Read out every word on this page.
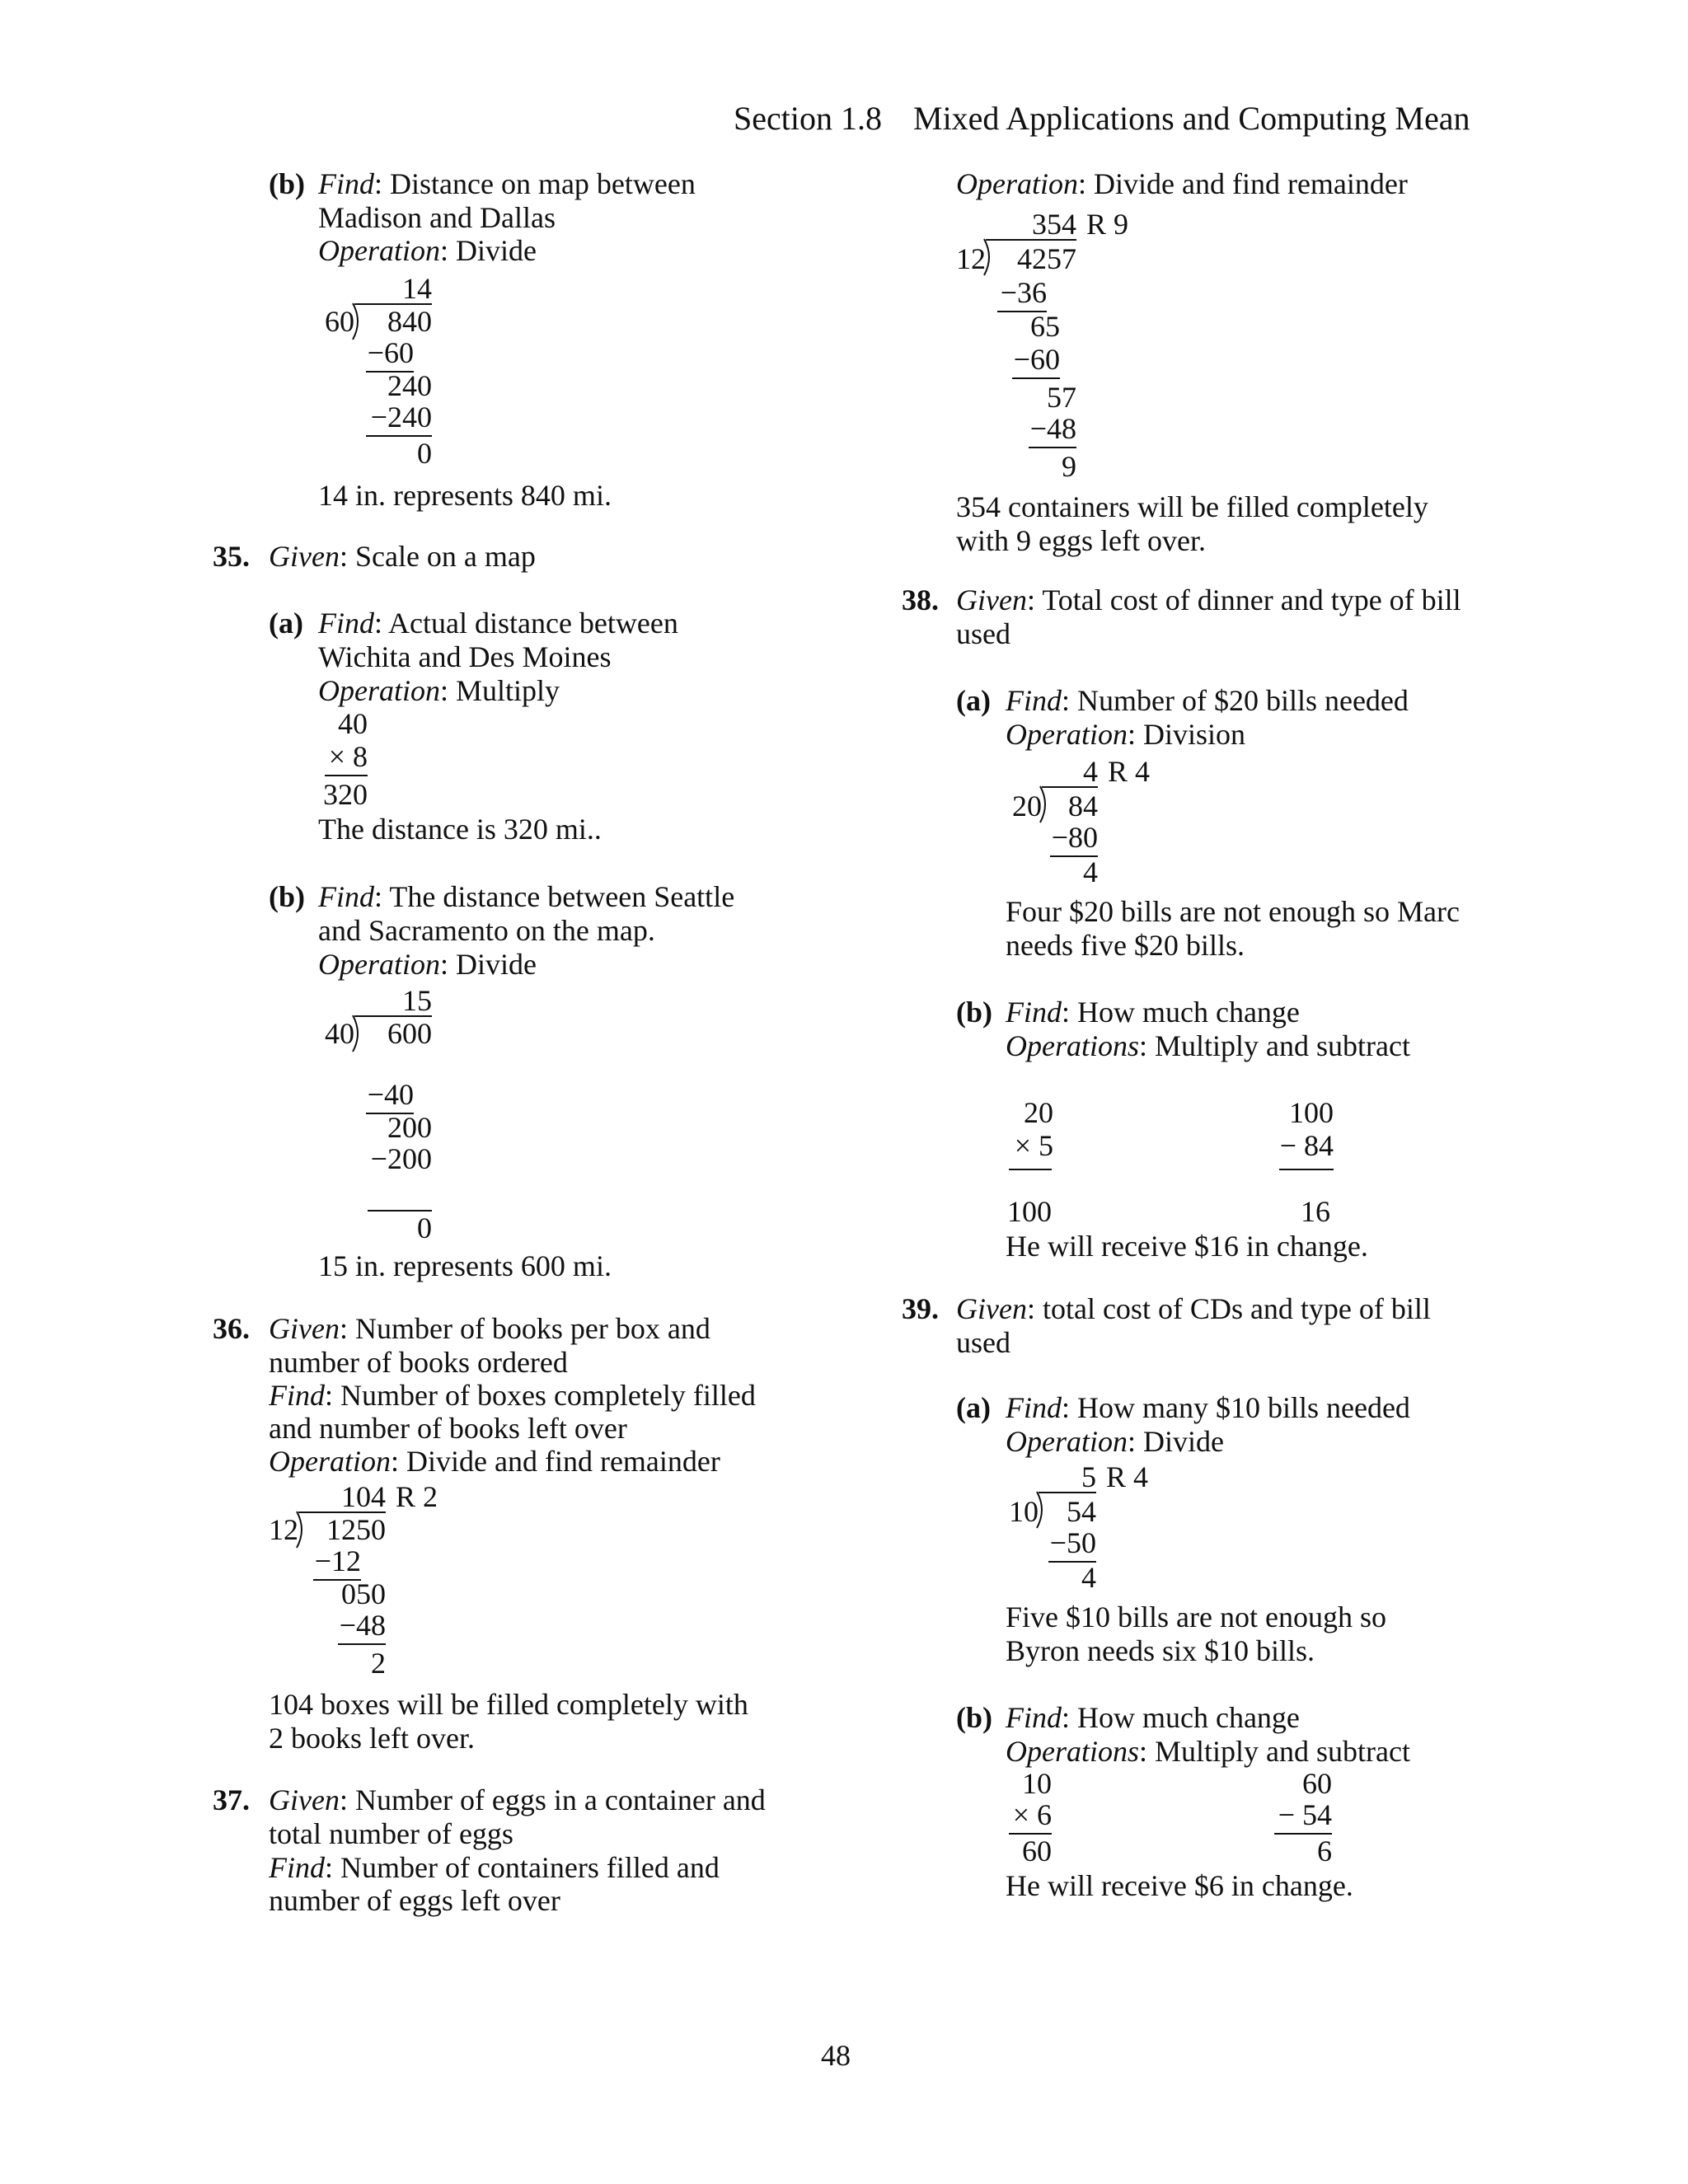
Section 1.8 Mixed Applications and Computing Mean
(b) Find: Distance on map between
Madison and Dallas
Operation: Divide
14
60	840
−60
240
−240
0
14 in. represents 840 mi.
35. Given: Scale on a map
(a) Find: Actual distance between
Wichita and Des Moines
Operation: Multiply
40
× 8
320
The distance is 320 mi..
(b) Find: The distance between Seattle
and Sacramento on the map.
Operation: Divide
15
40	600
−40
200
−200
0
15 in. represents 600 mi.
36. Given: Number of books per box and
number of books ordered
Find: Number of boxes completely filled
and number of books left over
Operation: Divide and find remainder
104 R 2
12 1250
−12
050
−48
2
104 boxes will be filled completely with
2 books left over.
37. Given: Number of eggs in a container and
total number of eggs
Find: Number of containers filled and
number of eggs left over
Operation: Divide and find remainder
354 R 9
12	4257
−36
65
−60
57
−48
9
354 containers will be filled completely
with 9 eggs left over.
38. Given: Total cost of dinner and type of bill
used
(a) Find: Number of $20 bills needed
Operation: Division
4 R 4
20 84
−80
4
Four $20 bills are not enough so Marc
needs five $20 bills.
(b) Find: How much change
Operations: Multiply and subtract
20
× 5
100
100
− 84
16
He will receive $16 in change.
39. Given: total cost of CDs and type of bill
used
(a) Find: How many $10 bills needed
Operation: Divide
5 R 4
10 54
−50
4
Five $10 bills are not enough so
Byron needs six $10 bills.
(b) Find: How much change
Operations: Multiply and subtract
10
× 6
60
60
− 54
6
He will receive $6 in change.
48
